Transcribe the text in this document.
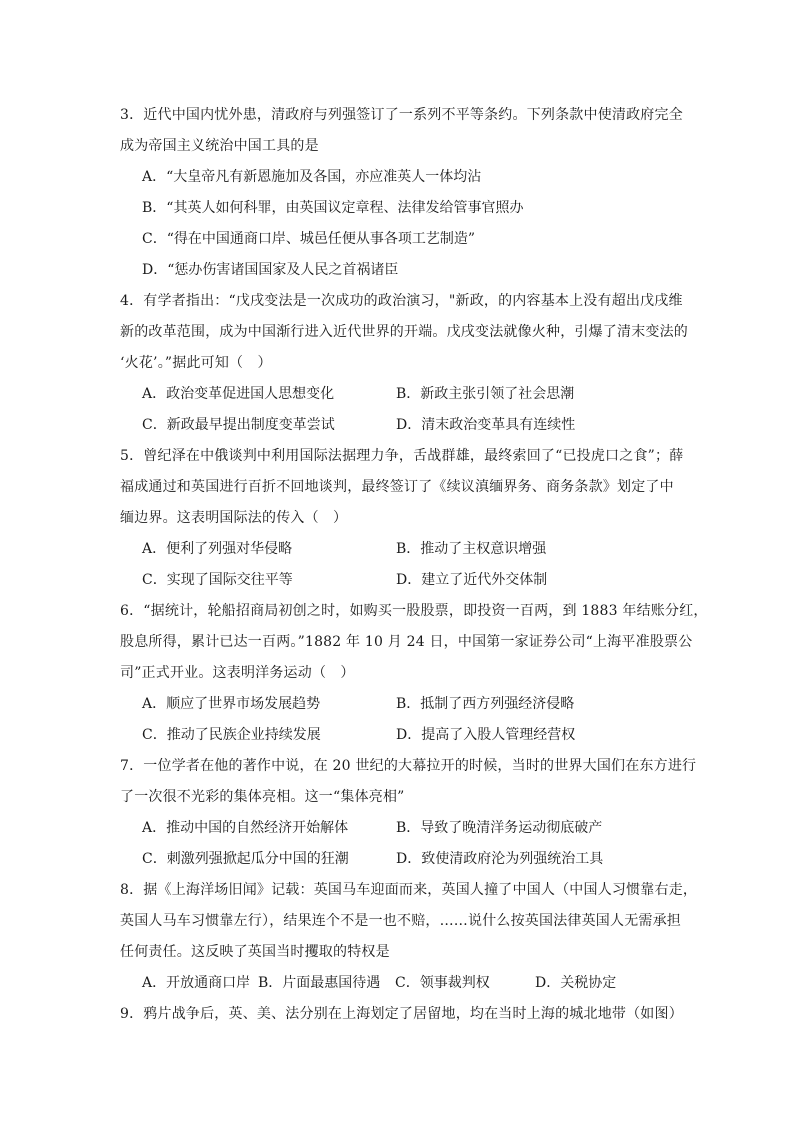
3．近代中国内忧外患，清政府与列强签订了一系列不平等条约。下列条款中使清政府完全

成为帝国主义统治中国工具的是

A．“大皇帝凡有新恩施加及各国，亦应准英人一体均沾
B．“其英人如何科罪，由英国议定章程、法律发给管事官照办
C．“得在中国通商口岸、城邑任便从事各项工艺制造”
D．“惩办伤害诸国国家及人民之首祸诸臣

4．有学者指出：“戊戌变法是一次成功的政治演习，"新政，的内容基本上没有超出戊戌维

新的改革范围，成为中国渐行进入近代世界的开端。戊戌变法就像火种，引爆了清末变法的

‘火花’。”据此可知（　）

A．政治变革促进国人思想变化	B．新政主张引领了社会思潮
C．新政最早提出制度变革尝试	D．清末政治变革具有连续性

5．曾纪泽在中俄谈判中利用国际法据理力争，舌战群雄，最终索回了“已投虎口之食”；薛

福成通过和英国进行百折不回地谈判，最终签订了《续议滇缅界务、商务条款》划定了中

缅边界。这表明国际法的传入（　）

A．便利了列强对华侵略	B．推动了主权意识增强
C．实现了国际交往平等	D．建立了近代外交体制

6．“据统计，轮船招商局初创之时，如购买一股股票，即投资一百两，到 1883 年结账分红，

股息所得，累计已达一百两。”1882 年 10 月 24 日，中国第一家证券公司“上海平准股票公

司”正式开业。这表明洋务运动（　）

A．顺应了世界市场发展趋势	B．抵制了西方列强经济侵略
C．推动了民族企业持续发展	D．提高了入股人管理经营权

7．一位学者在他的著作中说，在 20 世纪的大幕拉开的时候，当时的世界大国们在东方进行

了一次很不光彩的集体亮相。这一“集体亮相”

A．推动中国的自然经济开始解体	B．导致了晚清洋务运动彻底破产
C．刺激列强掀起瓜分中国的狂潮	D．致使清政府沦为列强统治工具

8．据《上海洋场旧闻》记载：英国马车迎面而来，英国人撞了中国人（中国人习惯靠右走，

英国人马车习惯靠左行），结果连个不是一也不赔，……说什么按英国法律英国人无需承担

任何责任。这反映了英国当时攫取的特权是

A．开放通商口岸 B．片面最惠国待遇 C．领事裁判权	D．关税协定

9．鸦片战争后，英、美、法分别在上海划定了居留地，均在当时上海的城北地带（如图）
